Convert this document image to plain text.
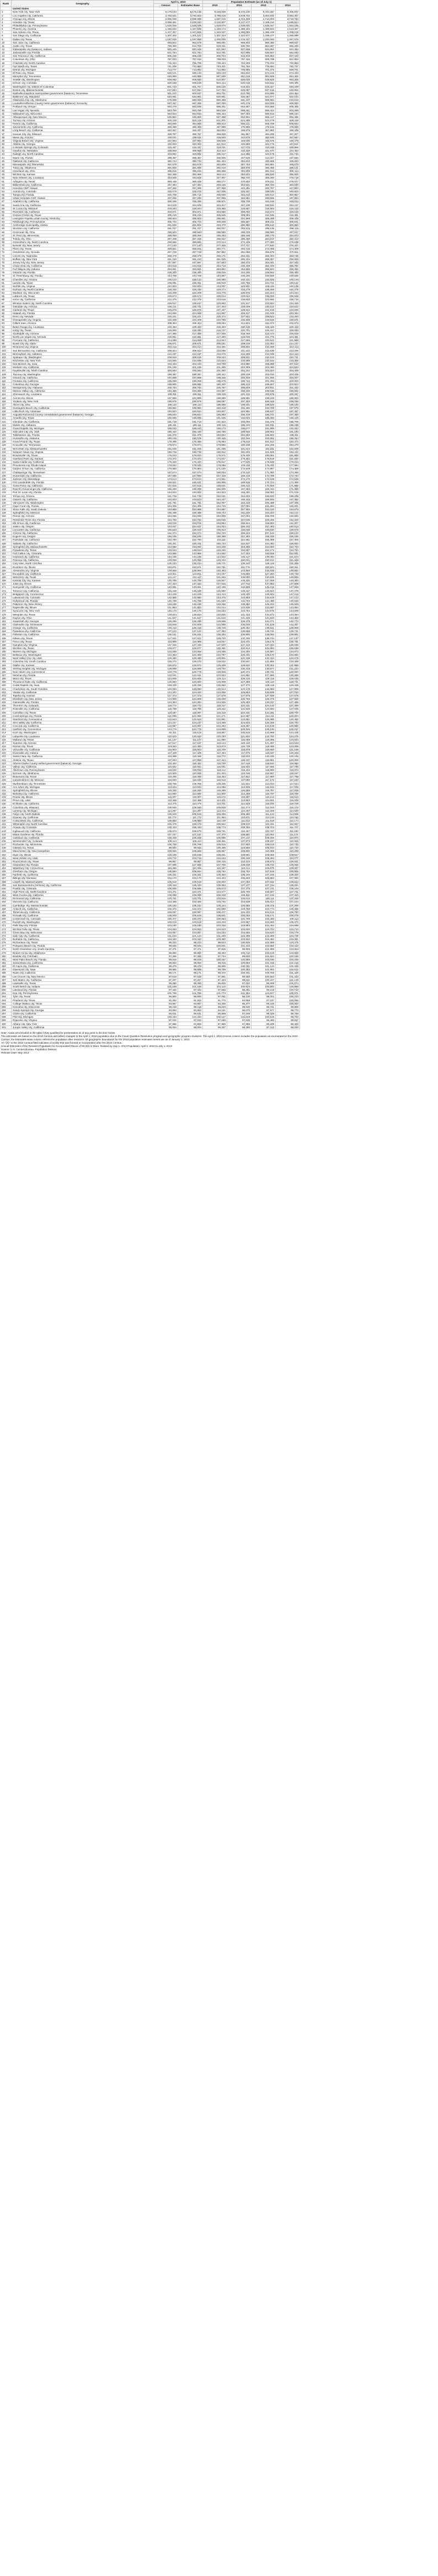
Rank	Geography	April 1, 2010		Population Estimate (as of July 1)			
		Census	Estimates Base	2010	2011	2012	2013
	United States						
1	New York city, New York	8,175,133	8,175,136	8,193,009	8,270,130	8,344,287	8,405,837
2	Los Angeles city, California	3,792,621	3,792,603	3,796,016	3,819,702	3,863,832	3,884,307
3	Chicago city, Illinois	2,695,598	2,695,598	2,697,015	2,704,345	2,713,303	2,718,782
4	Houston city, Texas	2,099,451	2,100,263	2,102,907	2,127,177	2,165,112	2,195,914
5	Philadelphia city, Pennsylvania	1,526,006	1,526,006	1,528,070	1,539,030	1,548,447	1,553,165
6	Phoenix city, Arizona	1,445,632	1,447,628	1,449,174	1,469,422	1,499,524	1,513,367
7	San Antonio city, Texas	1,327,407	1,327,606	1,334,037	1,360,050	1,385,438	1,409,019
8	San Diego city, California	1,307,402	1,301,621	1,307,344	1,322,577	1,338,477	1,355,896
9	Dallas city, Texas	1,197,816	1,197,658	1,200,000	1,216,337	1,240,000	1,257,676
10	San Jose city, California	945,942	952,576	955,091	968,903	983,490	998,537
11	Austin city, Texas	790,390	812,755	819,331	830,796	864,287	885,400
12	Indianapolis city (balance), Indiana	820,445	820,445	821,562	827,609	834,852	843,393
13	Jacksonville city, Florida	821,784	821,784	822,781	827,999	836,507	842,583
14	San Francisco city, California	805,235	805,235	805,704	815,818	825,863	837,442
15	Columbus city, Ohio	787,033	787,033	789,033	797,434	809,798	822,553
16	Charlotte city, North Carolina	731,424	735,799	738,444	752,269	775,202	792,862
17	Fort Worth city, Texas	741,206	742,883	743,421	761,764	778,684	792,727
18	Detroit city, Michigan	713,777	713,862	712,862	706,585	701,475	688,701
19	El Paso city, Texas	649,121	649,133	649,133	664,932	673,215	674,433
20	Memphis city, Tennessee	646,889	646,889	647,830	651,019	654,939	653,450
21	Seattle city, Washington	608,660	608,660	610,507	620,029	635,928	652,405
22	Denver city, Colorado	600,158	600,158	604,414	620,018	634,542	649,495
23	Washington city, District of Columbia	601,723	601,767	605,125	619,624	633,427	646,449
24	Boston city, Massachusetts	617,594	617,594	617,792	625,087	637,516	645,966
25	Nashville-Davidson metropolitan government (balance), Tennessee	601,222	603,527	604,701	612,790	624,585	634,464
26	Baltimore city, Maryland	620,961	620,961	620,961	620,457	621,077	622,104
27	Oklahoma City city, Oklahoma	579,999	580,000	580,499	591,237	599,894	610,613
28	Louisville/Jefferson County metro government (balance), Kentucky	597,337	597,285	597,780	601,379	604,609	609,893
29	Portland city, Oregon	583,776	583,835	585,261	594,687	602,568	609,456
30	Las Vegas city, Nevada	583,756	583,756	584,539	588,451	596,424	603,488
31	Milwaukee city, Wisconsin	594,833	594,833	595,334	597,464	598,916	599,164
32	Albuquerque city, New Mexico	545,852	545,852	547,398	552,804	555,417	556,495
33	Tucson city, Arizona	520,116	520,116	521,201	524,295	524,278	526,116
34	Fresno city, California	494,665	494,665	495,913	500,121	505,709	509,924
35	Sacramento city, California	466,488	466,488	467,898	470,956	475,516	479,686
36	Long Beach city, California	462,257	462,257	462,604	465,576	467,892	469,428
37	Kansas City city, Missouri	459,787	459,787	459,839	461,967	464,299	467,007
38	Mesa city, Arizona	439,041	439,041	439,929	444,876	450,935	457,587
39	Virginia Beach city, Virginia	437,994	437,994	438,509	443,036	446,575	448,479
40	Atlanta city, Georgia	420,003	420,003	421,910	432,589	443,775	447,841
41	Colorado Springs city, Colorado	416,427	416,427	418,101	427,075	433,349	439,886
42	Omaha city, Nebraska	408,958	408,958	410,113	415,158	421,570	434,353
43	Raleigh city, North Carolina	403,892	403,892	405,617	414,365	423,179	431,746
44	Miami city, Florida	399,457	399,457	400,906	407,526	414,327	417,650
45	Oakland city, California	390,724	390,724	391,444	394,813	400,555	406,253
46	Minneapolis city, Minnesota	382,578	382,578	382,606	387,753	392,851	400,070
47	Tulsa city, Oklahoma	391,906	391,906	392,018	393,976	396,466	398,121
48	Cleveland city, Ohio	396,815	396,815	396,698	393,806	391,013	390,113
49	Wichita city, Kansas	382,368	382,368	383,144	384,622	385,520	386,552
50	New Orleans city, Louisiana	343,829	343,828	347,907	360,740	369,250	378,715
51	Arlington city, Texas	365,438	365,438	366,177	370,802	376,211	379,577
52	Bakersfield city, California	347,483	347,483	349,156	353,521	358,793	363,630
53	Honolulu CDP, Hawaii	337,256	337,256	337,958	342,491	345,787	347,884
54	Aurora city, Colorado	325,078	325,078	327,006	333,327	339,030	345,803
55	Tampa city, Florida	335,709	335,715	336,946	342,010	346,612	352,957
56	Urban Honolulu CDP, Hawaii	337,256	337,256	337,995	342,681	345,596	347,884
57	Anaheim city, California	336,265	336,265	336,971	339,738	343,248	345,012
58	Santa Ana city, California	324,528	324,528	324,817	327,135	330,920	334,217
59	St. Louis city, Missouri	319,294	319,294	319,365	318,667	318,563	318,416
60	Riverside city, California	303,871	303,871	304,580	308,092	313,673	316,619
61	Corpus Christi city, Texas	305,215	305,215	305,626	308,383	312,195	316,381
62	Lexington-Fayette urban county, Kentucky	295,803	295,803	296,651	301,569	305,489	308,428
63	Pittsburgh city, Pennsylvania	305,704	305,704	305,838	306,567	306,211	305,841
64	Anchorage municipality, Alaska	291,826	291,826	293,370	296,955	298,610	300,950
65	Stockton city, California	291,707	291,707	292,037	293,515	295,136	298,118
66	Cincinnati city, Ohio	296,943	296,943	296,550	296,223	296,550	297,517
67	St. Paul city, Minnesota	285,068	285,068	285,293	288,448	290,770	294,873
68	Toledo city, Ohio	287,208	287,208	286,842	285,290	284,012	282,313
69	Greensboro city, North Carolina	269,666	269,666	270,514	273,425	277,080	279,639
70	Newark city, New Jersey	277,140	277,140	277,325	277,727	277,540	278,427
71	Plano city, Texas	259,841	259,841	260,771	264,710	272,068	274,409
72	Henderson city, Nevada	257,729	257,729	257,852	261,055	265,679	270,811
73	Lincoln city, Nebraska	258,379	258,379	259,171	262,341	265,404	268,738
74	Buffalo city, New York	261,310	261,310	261,025	260,334	259,357	258,959
75	Jersey City city, New Jersey	247,597	247,597	247,843	250,372	254,441	257,342
76	Chula Vista city, California	243,916	243,916	244,718	248,409	252,449	256,780
77	Fort Wayne city, Indiana	253,691	253,691	253,862	254,555	255,824	256,496
78	Orlando city, Florida	238,300	238,300	239,026	244,190	249,562	255,483
79	St. Petersburg city, Florida	244,769	244,769	244,997	245,195	246,506	249,688
80	Chandler city, Arizona	236,123	236,123	236,580	240,101	245,628	249,146
81	Laredo city, Texas	236,091	236,091	236,816	240,785	244,731	248,142
82	Norfolk city, Virginia	242,803	242,803	243,007	243,931	245,115	246,139
83	Durham city, North Carolina	228,330	228,330	229,074	233,279	239,358	245,475
84	Madison city, Wisconsin	233,209	233,209	233,778	236,878	240,323	243,344
85	Lubbock city, Texas	229,573	229,573	230,014	233,044	236,028	239,538
86	Irvine city, California	212,375	212,375	213,618	218,833	223,680	236,716
87	Winston-Salem city, North Carolina	229,617	229,617	229,862	231,917	233,924	234,349
88	Glendale city, Arizona	226,721	226,721	227,303	229,009	230,512	234,632
89	Garland city, Texas	226,876	226,876	227,347	229,624	231,618	234,566
90	Hialeah city, Florida	224,669	224,669	224,897	226,317	231,028	233,394
91	Reno city, Nevada	225,221	225,221	225,474	227,552	228,823	233,294
92	Chesapeake city, Virginia	222,209	222,209	222,756	225,935	228,546	230,571
93	Gilbert town, Arizona	208,453	208,453	209,064	214,604	221,073	229,972
94	Baton Rouge city, Louisiana	229,493	229,493	229,493	230,139	229,426	229,426
95	Irving city, Texas	216,290	216,290	216,737	220,701	225,437	228,653
96	Scottsdale city, Arizona	217,385	217,385	217,936	219,766	223,473	226,918
97	North Las Vegas city, Nevada	216,961	216,961	217,260	219,049	221,776	223,491
98	Fremont city, California	214,089	214,089	214,644	217,665	220,542	221,986
99	Boise City city, Idaho	205,671	205,671	206,151	209,148	212,303	214,237
100	Richmond city, Virginia	204,214	204,214	204,451	206,602	210,309	214,114
101	San Bernardino city, California	209,924	209,924	210,096	211,542	212,639	213,295
102	Birmingham city, Alabama	212,237	212,237	212,075	212,255	212,038	212,113
103	Spokane city, Washington	208,916	208,916	209,244	209,521	210,103	210,721
104	Rochester city, New York	210,565	210,565	210,534	210,689	210,532	210,358
105	Des Moines city, Iowa	203,433	203,433	203,759	204,880	206,688	207,510
106	Modesto city, California	201,165	201,165	201,285	202,369	203,490	204,933
107	Fayetteville city, North Carolina	200,564	200,564	201,260	202,152	203,324	204,408
108	Tacoma city, Washington	198,397	198,397	198,442	200,109	202,010	203,446
109	Oxnard city, California	197,899	197,899	198,335	200,226	201,555	203,007
110	Fontana city, California	196,069	196,069	196,578	198,724	201,253	203,003
111	Columbus city, Georgia	189,885	189,885	190,330	196,133	199,607	202,824
112	Montgomery city, Alabama	205,764	205,764	205,787	205,849	203,911	201,332
113	Moreno Valley city, California	193,365	193,365	193,887	196,156	198,536	199,552
114	Shreveport city, Louisiana	199,311	199,311	199,439	201,212	200,978	200,327
115	Aurora city, Illinois	197,899	197,899	198,080	198,591	199,049	199,963
116	Yonkers city, New York	195,976	195,976	196,087	197,303	198,449	199,766
117	Akron city, Ohio	199,110	199,110	198,988	198,541	198,549	198,100
118	Huntington Beach city, California	189,992	189,992	190,318	192,496	194,708	197,575
119	Little Rock city, Arkansas	193,524	193,524	193,827	194,991	196,537	197,357
120	Augusta-Richmond County consolidated government (balance), Georgia	195,844	195,844	195,893	196,319	196,741	197,350
121	Amarillo city, Texas	190,695	190,695	191,035	193,023	195,250	196,429
122	Glendale city, California	191,719	191,719	191,933	193,096	194,476	195,799
123	Mobile city, Alabama	195,111	195,111	195,115	195,240	194,911	195,239
124	Grand Rapids city, Michigan	188,040	188,040	188,173	190,077	191,895	192,294
125	Salt Lake City city, Utah	186,440	186,440	186,788	188,946	189,902	191,180
126	Tallahassee city, Florida	181,376	181,376	182,052	184,693	186,902	186,411
127	Huntsville city, Alabama	180,105	180,105	180,445	182,166	183,692	186,254
128	Grand Prairie city, Texas	175,396	175,396	175,964	179,015	181,812	183,372
129	Knoxville city, Tennessee	178,874	178,874	178,990	180,238	182,209	183,270
130	Worcester city, Massachusetts	181,045	181,045	181,095	181,624	182,511	182,669
131	Newport News city, Virginia	180,719	180,719	180,912	181,623	181,825	183,412
132	Brownsville city, Texas	175,023	175,023	175,571	178,430	180,091	181,860
133	Overland Park city, Kansas	173,372	173,372	174,027	176,302	178,919	181,260
134	Santa Clarita city, California	176,320	176,320	176,617	177,820	178,938	179,013
135	Providence city, Rhode Island	178,042	178,042	178,056	178,116	178,432	177,994
136	Garden Grove city, California	170,883	170,883	171,130	172,648	173,987	174,389
137	Chattanooga city, Tennessee	167,674	167,674	168,004	170,140	171,350	173,366
138	Oceanside city, California	167,086	167,086	167,429	169,319	170,789	172,794
139	Jackson city, Mississippi	173,514	173,514	173,551	174,170	172,638	172,638
140	Fort Lauderdale city, Florida	165,521	165,521	165,856	168,516	170,724	172,389
141	Santa Rosa city, California	167,815	167,815	168,041	169,215	170,569	171,990
142	Rancho Cucamonga city, California	165,269	165,269	165,600	167,384	169,444	171,386
143	Port St. Lucie city, Florida	164,603	164,603	164,923	166,281	168,082	171,016
144	Tempe city, Arizona	161,719	161,719	162,031	164,003	166,820	168,228
145	Ontario city, California	163,924	163,924	164,247	165,443	166,846	167,382
146	Vancouver city, Washington	161,791	161,791	162,057	163,429	165,489	167,405
147	Cape Coral city, Florida	154,305	154,305	154,726	157,082	161,284	165,831
148	Sioux Falls city, South Dakota	153,888	153,888	154,597	157,855	162,020	164,676
149	Springfield city, Missouri	159,498	159,498	159,743	161,030	162,323	164,122
150	Peoria city, Arizona	154,065	154,065	154,609	157,004	159,789	162,592
151	Pembroke Pines city, Florida	154,750	154,750	155,035	157,036	159,256	162,329
152	Elk Grove city, California	153,015	153,015	153,563	155,844	158,683	161,007
153	Salem city, Oregon	154,637	154,637	154,834	156,243	157,463	160,614
154	Lancaster city, California	156,633	156,633	156,813	158,036	158,630	159,878
155	Corona city, California	152,374	152,374	152,723	155,163	157,143	159,132
156	Eugene city, Oregon	156,185	156,185	156,388	157,363	158,348	159,190
157	Palmdale city, California	152,750	152,750	153,111	154,951	156,358	157,356
158	Salinas city, California	150,441	150,441	150,734	152,627	154,484	155,662
159	Springfield city, Massachusetts	153,060	153,060	153,108	153,456	153,683	153,703
160	Pasadena city, Texas	149,043	149,043	149,190	150,587	152,272	153,784
161	Fort Collins city, Colorado	143,986	143,986	144,592	147,283	150,606	152,061
162	Hayward city, California	144,186	144,186	144,532	146,417	149,094	151,574
163	Pomona city, California	149,058	149,058	149,234	150,041	150,812	151,348
164	Cary town, North Carolina	135,234	135,234	135,771	139,340	145,119	151,088
165	Rockford city, Illinois	152,871	152,871	152,781	151,776	150,843	150,251
166	Alexandria city, Virginia	139,966	139,966	140,463	143,856	146,839	148,892
167	Escondido city, California	143,911	143,911	144,197	145,686	147,294	148,738
168	McKinney city, Texas	131,117	131,117	131,840	136,050	140,826	148,559
169	Kansas City city, Kansas	145,786	145,786	145,847	146,421	147,268	148,483
170	Joliet city, Illinois	147,433	147,433	147,526	147,743	147,883	147,806
171	Sunnyvale city, California	140,081	140,081	140,435	142,896	145,216	147,559
172	Torrance city, California	145,438	145,438	145,580	146,247	146,924	147,478
173	Bridgeport city, Connecticut	144,229	144,229	144,414	145,420	146,504	147,216
174	Lakewood city, Colorado	142,980	142,980	143,375	144,863	145,519	147,214
175	Hollywood city, Florida	140,768	140,768	141,030	142,753	144,486	146,526
176	Paterson city, New Jersey	146,199	146,199	146,266	146,382	146,204	145,948
177	Naperville city, Illinois	141,853	141,853	142,014	142,835	143,587	144,864
178	Syracuse city, New York	145,170	145,170	145,164	144,784	144,675	144,669
179	Mesquite city, Texas	139,824	139,824	140,005	141,423	142,973	143,484
180	Dayton city, Ohio	141,527	141,527	141,516	141,349	141,620	143,355
181	Savannah city, Georgia	136,286	136,286	136,598	138,478	141,071	142,772
182	Clarksville city, Tennessee	132,929	132,929	133,596	138,045	141,129	142,357
183	Orange city, California	136,416	136,416	136,728	138,262	139,541	139,969
184	Pasadena city, California	137,122	137,122	137,393	138,565	139,731	139,731
185	Fullerton city, California	135,161	135,161	135,394	136,906	138,060	138,981
186	Killeen city, Texas	127,921	127,921	128,720	132,405	135,744	137,147
187	Frisco city, Texas	116,989	116,989	118,067	123,471	128,175	136,791
188	Hampton city, Virginia	137,436	137,436	137,520	137,410	137,034	136,836
189	McAllen city, Texas	129,877	129,877	130,391	132,914	134,694	136,639
190	Warren city, Michigan	134,056	134,056	134,065	134,250	134,587	134,873
191	Bellevue city, Washington	122,363	122,363	122,787	125,221	129,170	133,992
192	West Valley City city, Utah	129,480	129,480	129,801	131,336	132,434	133,579
193	Columbia city, South Carolina	129,272	129,272	129,532	130,547	131,686	133,358
194	Olathe city, Kansas	125,872	125,872	126,299	128,520	130,352	131,885
195	Sterling Heights city, Michigan	129,699	129,699	129,740	130,219	130,877	131,224
196	New Haven city, Connecticut	129,779	129,779	129,928	130,474	130,741	130,660
197	Miramar city, Florida	122,041	122,041	122,504	124,961	127,696	130,288
198	Waco city, Texas	124,805	124,805	125,114	126,416	128,118	129,030
199	Thousand Oaks city, California	126,683	126,683	126,809	127,495	128,110	128,731
200	Cedar Rapids city, Iowa	126,326	126,326	126,552	127,470	128,119	128,429
201	Charleston city, South Carolina	120,083	120,083	120,514	123,178	125,583	127,999
202	Visalia city, California	124,442	124,442	124,659	125,954	126,939	127,763
203	Topeka city, Kansas	127,473	127,473	127,678	127,679	127,939	127,679
204	Elizabeth city, New Jersey	124,969	124,969	125,038	125,768	126,476	127,558
205	Gainesville city, Florida	124,354	124,354	124,525	125,293	126,047	127,488
206	Thornton city, Colorado	118,772	118,772	119,317	122,141	124,140	127,359
207	Roseville city, California	118,788	118,788	119,232	121,538	124,584	127,035
208	Carrollton city, Texas	119,097	119,097	119,318	122,221	124,291	126,700
209	Coral Springs city, Florida	121,096	121,096	121,271	122,587	124,111	126,604
210	Stamford city, Connecticut	122,643	122,643	122,881	123,861	125,085	126,456
211	Simi Valley city, California	124,237	124,237	124,368	124,833	125,259	125,793
212	Concord city, California	122,067	122,067	122,263	123,357	124,518	125,880
213	Hartford city, Connecticut	124,775	124,775	124,899	125,195	125,130	125,017
214	Kent city, Washington	92,411	118,515	118,897	120,916	122,999	124,435
215	Lafayette city, Louisiana	120,623	120,623	120,783	121,834	122,762	124,276
216	Midland city, Texas	111,147	111,147	111,680	115,059	119,385	123,933
217	Surprise city, Arizona	117,517	117,517	118,144	120,110	121,287	123,546
218	Denton city, Texas	113,383	113,383	113,874	116,738	119,456	123,099
219	Victorville city, California	115,903	115,903	116,239	118,078	119,650	121,168
220	Evansville city, Indiana	117,429	117,429	117,454	117,675	118,037	120,346
221	Santa Clara city, California	116,468	116,468	116,772	118,813	120,245	120,245
222	Abilene city, Texas	117,063	117,063	117,344	118,237	118,861	120,099
223	Athens-Clarke County unified government (balance), Georgia	115,452	115,452	115,739	117,146	118,542	119,980
224	Vallejo city, California	115,942	115,942	116,061	116,834	117,656	117,796
225	Allentown city, Pennsylvania	118,032	118,032	118,112	118,434	118,593	118,974
226	Norman city, Oklahoma	110,925	110,925	111,304	113,249	115,567	118,197
227	Beaumont city, Texas	118,296	118,296	118,254	117,922	117,850	117,796
228	Independence city, Missouri	116,830	116,830	116,919	117,060	117,172	117,240
229	Murfreesboro city, Tennessee	108,755	108,755	109,335	111,822	114,034	117,044
230	Ann Arbor city, Michigan	113,934	113,934	114,086	114,925	116,194	117,025
231	Springfield city, Illinois	116,250	116,250	116,298	116,689	116,787	117,006
232	Berkeley city, California	112,580	112,580	112,900	114,406	115,797	116,768
233	Peoria city, Illinois	115,007	115,007	115,172	115,687	116,213	116,513
234	Provo city, Utah	112,488	112,488	112,611	113,653	114,801	115,919
235	El Monte city, California	113,475	113,475	113,701	114,523	115,196	115,708
236	Columbia city, Missouri	108,500	108,500	109,008	111,174	113,193	115,276
237	Lansing city, Michigan	114,297	114,297	114,313	114,257	114,208	114,620
238	Fargo city, North Dakota	105,549	105,549	106,056	108,450	111,123	113,658
239	Downey city, California	111,772	111,772	111,954	112,671	113,110	113,242
240	Costa Mesa city, California	109,960	109,960	110,139	111,012	111,818	112,174
241	Wilmington city, North Carolina	106,476	106,476	106,822	108,510	110,341	112,067
242	Arvada city, Colorado	106,433	106,433	106,773	108,256	109,703	111,707
243	Inglewood city, California	109,673	109,673	109,791	110,467	110,767	111,182
244	Miami Gardens city, Florida	107,167	107,167	107,370	108,551	110,062	111,171
245	Carlsbad city, California	105,328	105,328	105,585	107,137	109,255	110,972
246	Westminster city, Colorado	106,114	106,114	106,451	107,973	109,197	110,945
247	Rochester city, Minnesota	106,769	106,769	106,915	107,852	109,019	110,742
248	Odessa city, Texas	99,940	99,940	100,495	103,556	106,934	110,720
249	Manchester city, New Hampshire	109,565	109,565	109,587	109,830	110,099	110,209
250	Elgin city, Illinois	108,188	108,188	108,281	108,891	109,359	109,927
251	West Jordan city, Utah	103,712	103,712	104,193	106,248	108,383	110,077
252	Round Rock city, Texas	99,887	99,887	100,316	103,103	106,573	109,821
253	Clearwater city, Florida	107,685	107,685	107,795	108,239	108,732	109,065
254	Waterbury city, Connecticut	110,366	110,366	110,327	110,114	109,676	109,307
255	Gresham city, Oregon	105,594	105,594	105,782	106,762	107,818	108,956
256	Fairfield city, California	105,321	105,321	105,450	106,166	107,225	108,320
257	Billings city, Montana	104,170	104,170	104,403	105,603	106,983	107,980
258	Lowell city, Massachusetts	106,519	106,519	106,603	107,094	107,842	108,522
259	San Buenaventura (Ventura) city, California	106,433	106,433	106,563	107,127	107,734	108,261
260	Pueblo city, Colorado	106,595	106,595	106,673	107,275	107,741	108,249
261	High Point city, North Carolina	104,371	104,371	104,677	105,769	106,607	107,741
262	West Covina city, California	106,098	106,098	106,248	106,811	107,235	107,440
263	Richmond city, California	103,701	103,701	103,916	105,013	106,111	107,346
264	Murrieta city, California	103,466	103,466	103,730	104,839	106,014	107,104
265	Cambridge city, Massachusetts	105,162	105,162	105,244	106,085	106,475	107,289
266	Antioch city, California	102,372	102,372	102,596	103,755	104,774	106,455
267	Temecula city, California	100,097	100,097	100,477	102,432	104,212	106,780
268	Norwalk city, California	105,549	105,549	105,641	106,053	106,171	106,278
269	Centennial city, Colorado	100,377	100,377	100,563	101,798	103,460	106,114
270	Everett city, Washington	103,019	103,019	103,223	103,957	104,655	105,370
271	Palm Bay city, Florida	103,190	103,190	103,348	103,983	104,464	104,898
272	Wichita Falls city, Texas	104,553	104,553	104,633	104,840	104,724	104,710
273	Green Bay city, Wisconsin	104,057	104,057	104,164	104,555	104,623	104,779
274	Daly City city, California	101,123	101,123	101,248	102,285	103,459	104,739
275	Burbank city, California	103,340	103,340	103,390	103,934	104,484	104,391
276	Richardson city, Texas	99,223	99,223	99,623	100,935	102,588	104,475
277	Pompano Beach city, Florida	99,845	99,845	100,001	101,233	102,582	104,410
278	North Charleston city, South Carolina	97,471	97,471	97,826	99,906	101,989	104,054
279	Broken Arrow city, Oklahoma	98,850	98,850	99,253	100,710	102,019	103,500
280	Boulder city, Colorado	97,385	97,385	97,744	99,606	101,924	103,166
281	West Palm Beach city, Florida	99,919	99,919	100,037	100,955	102,030	102,436
282	Santa Maria city, California	99,553	99,553	99,816	100,653	101,438	102,216
283	El Cajon city, California	99,478	99,478	99,565	100,201	101,144	101,435
284	Davenport city, Iowa	99,685	99,685	99,759	100,463	101,363	102,612
285	Rialto city, California	99,171	99,171	99,370	100,161	100,768	101,429
286	Las Cruces city, New Mexico	97,618	97,618	97,891	99,658	100,923	101,324
287	San Mateo city, California	97,207	97,207	97,434	99,021	100,227	101,128
288	Lewisville city, Texas	95,290	95,290	95,625	97,342	98,908	101,074
289	South Bend city, Indiana	101,168	101,168	101,110	100,924	100,800	100,886
290	Lakeland city, Florida	97,422	97,422	97,556	98,261	99,218	100,710
291	Erie city, Pennsylvania	101,786	101,786	101,773	101,352	101,027	100,671
292	Tyler city, Texas	96,900	96,900	97,091	98,130	99,321	100,223
293	Pearland city, Texas	91,252	91,252	91,770	94,659	97,237	100,065
294	College Station city, Texas	93,857	93,857	94,306	96,377	98,245	100,050
295	Kenosha city, Wisconsin	99,218	99,218	99,220	99,530	99,741	99,889
296	Sandy Springs city, Georgia	93,853	93,853	94,151	96,070	97,977	99,770
297	Clovis city, California	95,631	95,631	95,899	97,165	98,329	99,769
298	Flint city, Michigan	102,434	102,434	102,127	101,049	100,515	99,763
299	Roanoke city, Virginia	97,032	97,032	97,150	97,525	98,460	98,917
300	Albany city, New York	97,856	97,856	97,866	97,956	98,209	98,450
301	Jurupa Valley city, California	95,004	95,004	95,257	96,280	97,313	98,030

Note: Areas are included in the table if they qualified for presentation as of any point in the time series.

The estimates are based on the 2010 Census and reflect changes to the April 1, 2010 population due to the Count Question Resolution program and geographic program revisions. The April 1, 2010 Census column includes the population as enumerated in the 2010 Census; the Estimates Base column reflects the population after revisions. All geographic boundaries for the 2013 population estimates series are as of January 1, 2013.

An "(X)" in the 2010 Census field indicates a locality that was formed or incorporated after the 2010 Census.

Annual Estimates of the Resident Population for Incorporated Places of 50,000 or More, Ranked by July 1, 2013 Population: April 1, 2010 to July 1, 2013

Source: U.S. Census Bureau, Population Division

Release Date: May 2014
